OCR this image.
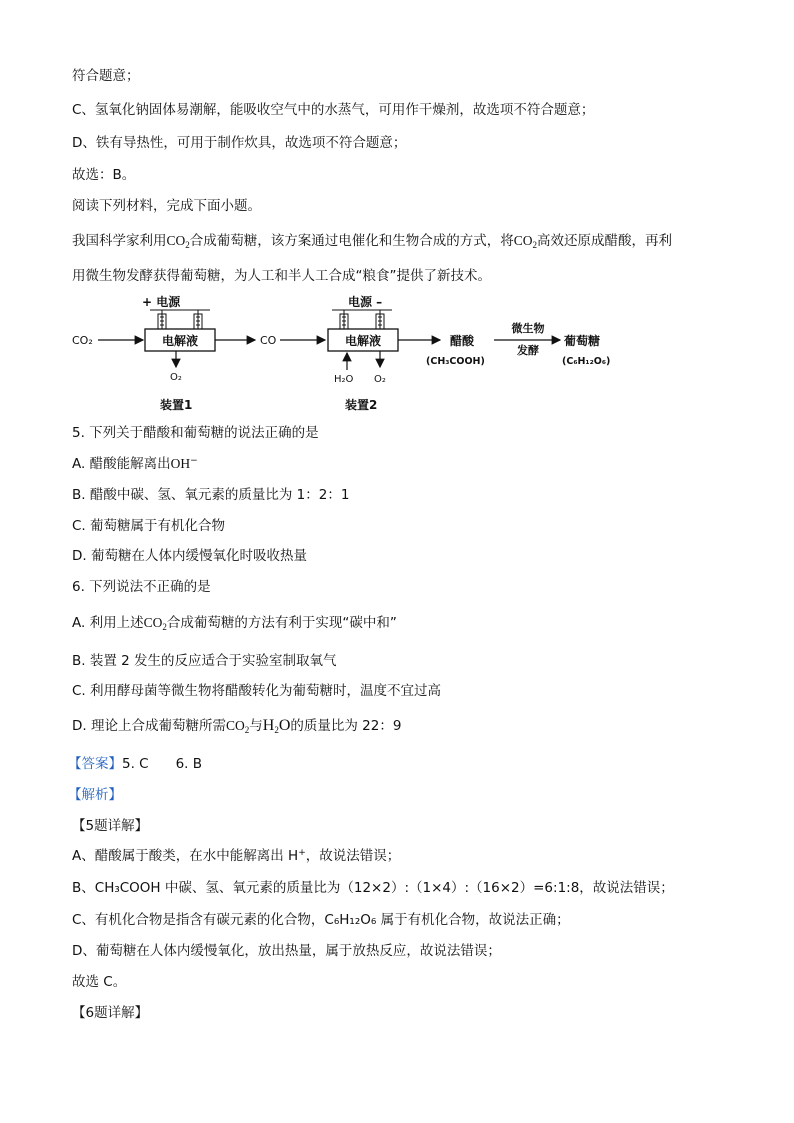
符合题意；
C、氢氧化钠固体易潮解，能吸收空气中的水蒸气，可用作干燥剂，故选项不符合题意；
D、铁有导热性，可用于制作炊具，故选项不符合题意；
故选：B。
阅读下列材料，完成下面小题。
我国科学家利用$CO_2$合成葡萄糖，该方案通过电催化和生物合成的方式，将$CO_2$高效还原成醋酸，再利
用微生物发酵获得葡萄糖，为人工和半人工合成“粮食”提供了新技术。
CO₂
+ 电源
电解液
O₂
装置1
CO
电源 –
电解液
H₂O O₂
装置2
醋酸
(CH₃COOH)
微生物
发酵
葡萄糖
(C₆H₁₂O₆)
5. 下列关于醋酸和葡萄糖的说法正确的是
A. 醋酸能解离出OH−
B. 醋酸中碳、氢、氧元素的质量比为 1：2：1
C. 葡萄糖属于有机化合物
D. 葡萄糖在人体内缓慢氧化时吸收热量
6. 下列说法不正确的是
A. 利用上述$CO_2$合成葡萄糖的方法有利于实现“碳中和”
B. 装置 2 发生的反应适合于实验室制取氧气
C. 利用酵母菌等微生物将醋酸转化为葡萄糖时，温度不宜过高
D. 理论上合成葡萄糖所需$CO_2$与$H_2O$的质量比为 22：9
【答案】5. C　　6. B
【解析】
【5题详解】
A、醋酸属于酸类，在水中能解离出 H+，故说法错误；
B、CH₃COOH 中碳、氢、氧元素的质量比为（12×2）:（1×4）:（16×2）=6:1:8，故说法错误；
C、有机化合物是指含有碳元素的化合物，C₆H₁₂O₆ 属于有机化合物，故说法正确；
D、葡萄糖在人体内缓慢氧化，放出热量，属于放热反应，故说法错误；
故选 C。
【6题详解】
